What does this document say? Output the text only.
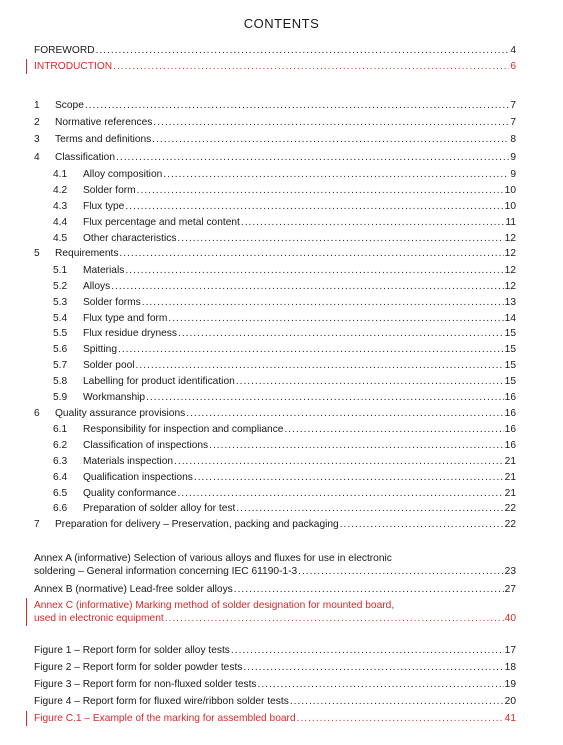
CONTENTS
FOREWORD .....	4
INTRODUCTION .....	6
1	Scope .....	7
2	Normative references .....	7
3	Terms and definitions .....	8
4	Classification .....	9
4.1	Alloy composition .....	9
4.2	Solder form .....	10
4.3	Flux type .....	10
4.4	Flux percentage and metal content .....	11
4.5	Other characteristics .....	12
5	Requirements .....	12
5.1	Materials .....	12
5.2	Alloys .....	12
5.3	Solder forms .....	13
5.4	Flux type and form .....	14
5.5	Flux residue dryness .....	15
5.6	Spitting .....	15
5.7	Solder pool .....	15
5.8	Labelling for product identification .....	15
5.9	Workmanship .....	16
6	Quality assurance provisions .....	16
6.1	Responsibility for inspection and compliance .....	16
6.2	Classification of inspections .....	16
6.3	Materials inspection .....	21
6.4	Qualification inspections .....	21
6.5	Quality conformance .....	21
6.6	Preparation of solder alloy for test .....	22
7	Preparation for delivery – Preservation, packing and packaging .....	22
Annex A (informative) Selection of various alloys and fluxes for use in electronic
soldering – General information concerning IEC 61190-1-3 .....	23
Annex B (normative) Lead-free solder alloys .....	27
Annex C (informative) Marking method of solder designation for mounted board,
used in electronic equipment .....	40
Figure 1 – Report form for solder alloy tests .....	17
Figure 2 – Report form for solder powder tests .....	18
Figure 3 – Report form for non-fluxed solder tests .....	19
Figure 4 – Report form for fluxed wire/ribbon solder tests .....	20
Figure C.1 – Example of the marking for assembled board .....	41
